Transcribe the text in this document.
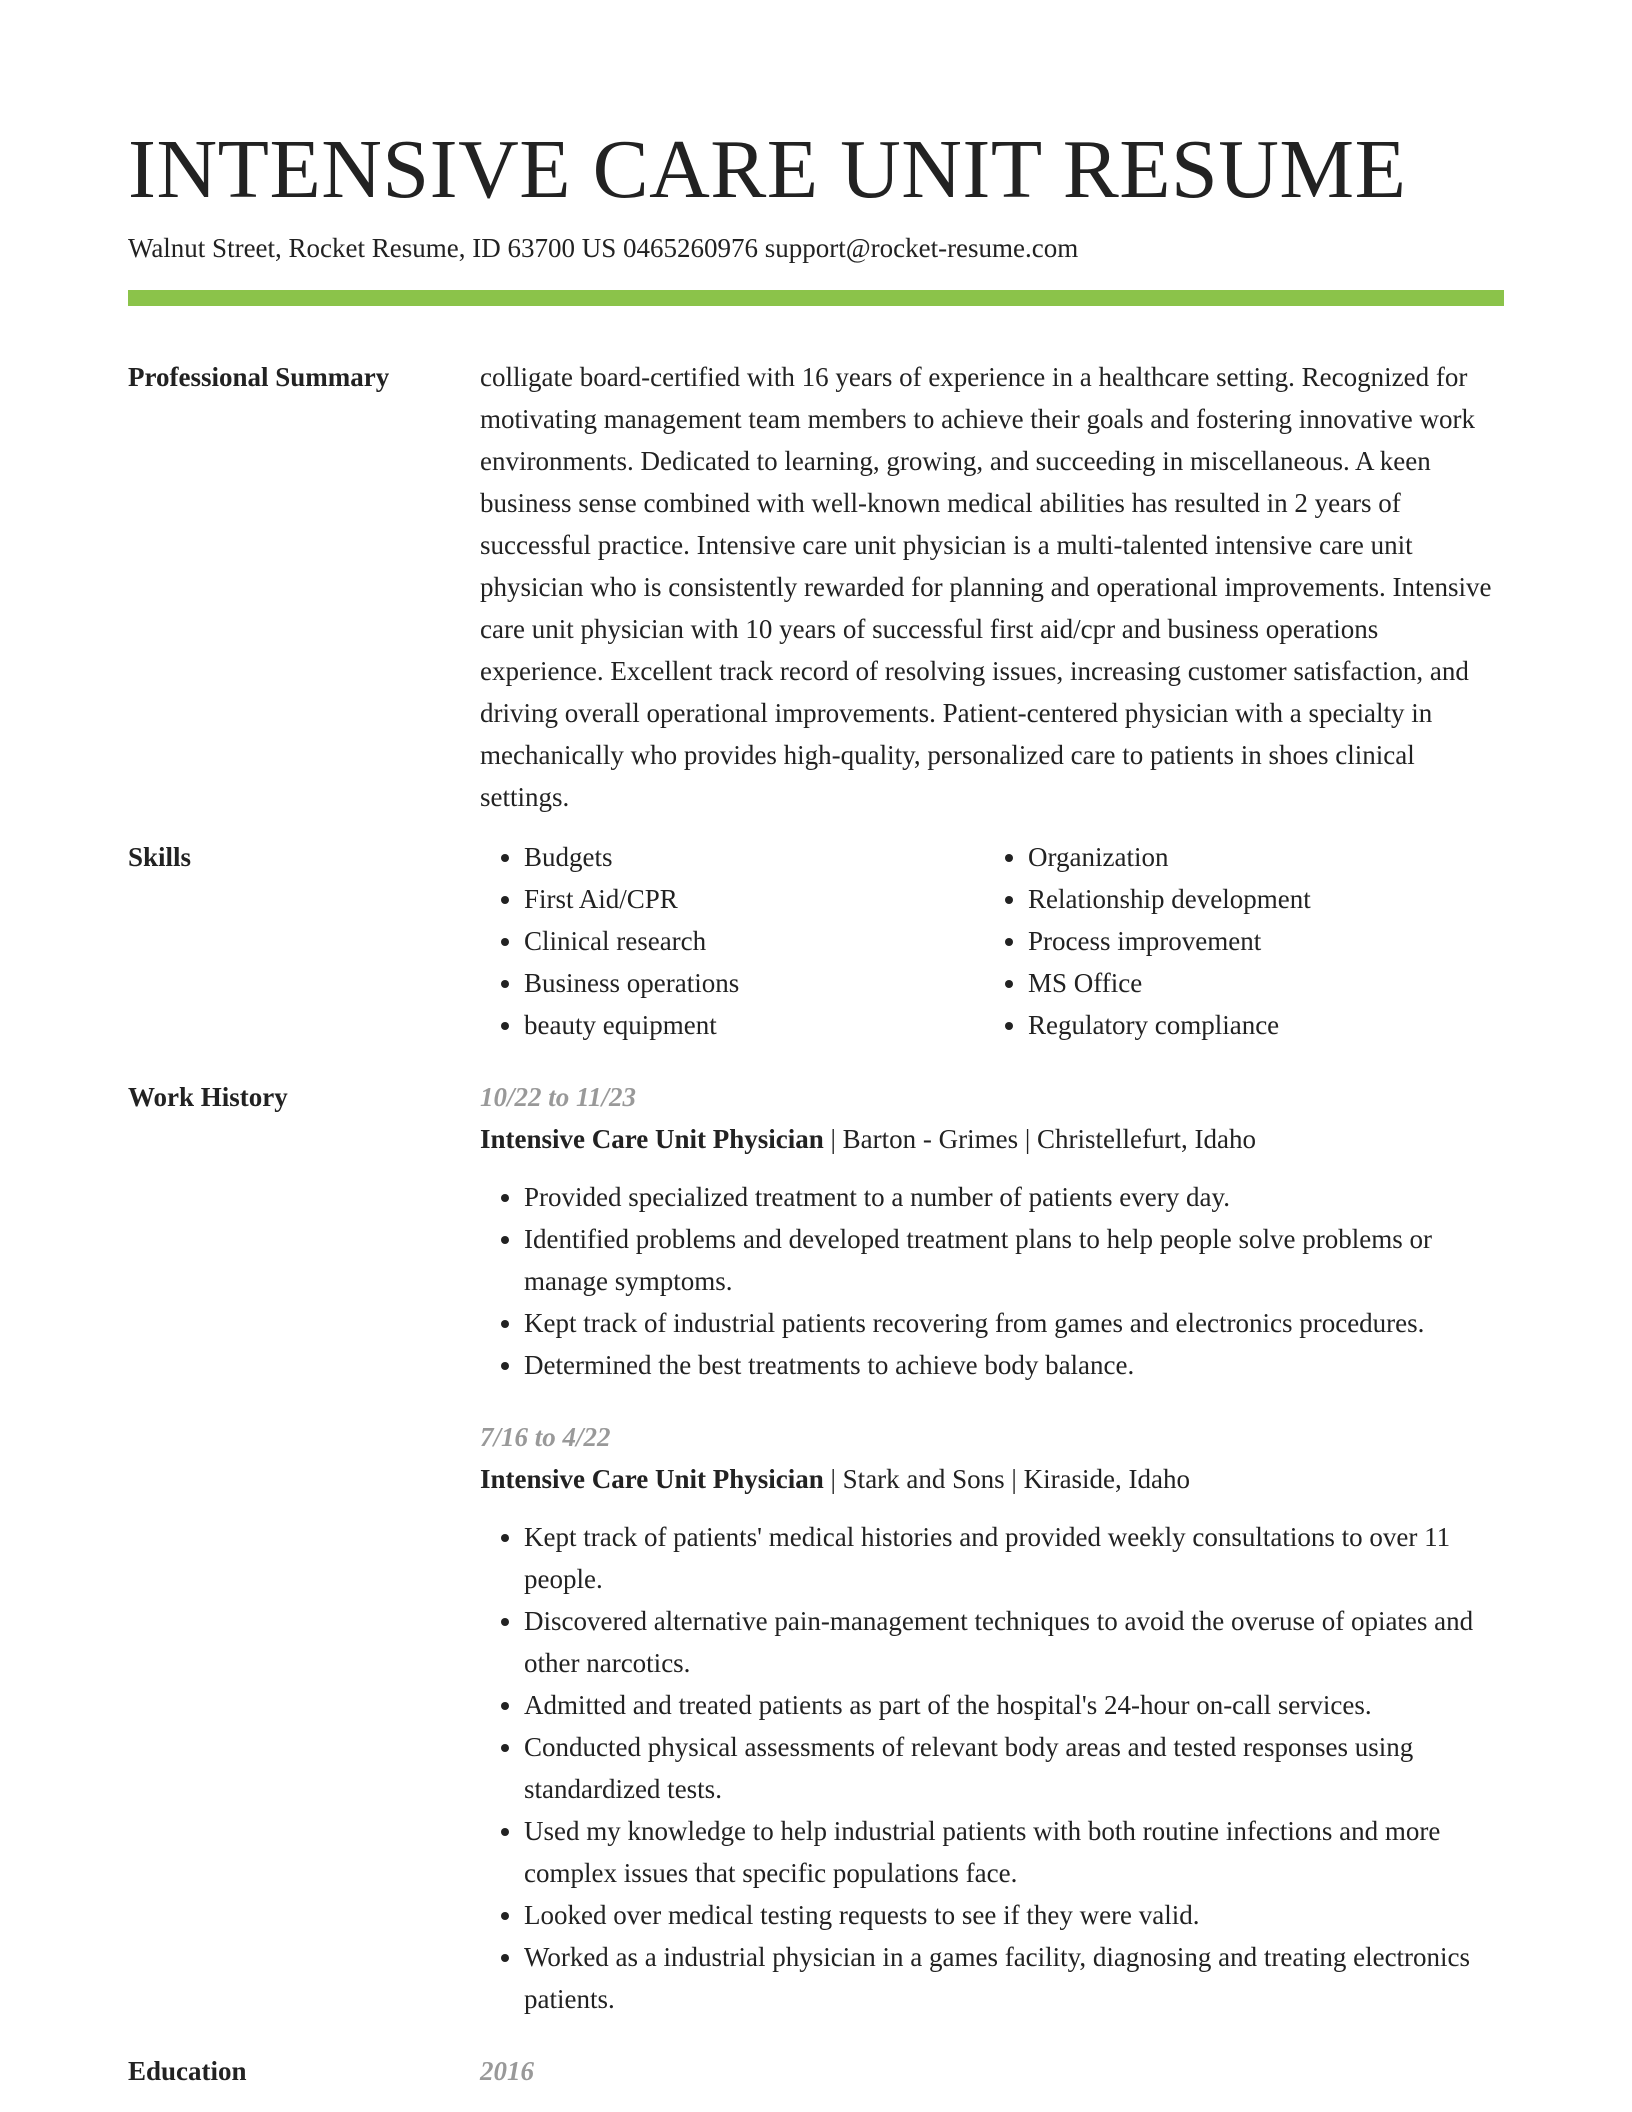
INTENSIVE CARE UNIT RESUME
Walnut Street, Rocket Resume, ID 63700 US 0465260976 support@rocket-resume.com
Professional Summary	colligate board-certified with 16 years of experience in a healthcare setting. Recognized for motivating management team members to achieve their goals and fostering innovative work environments. Dedicated to learning, growing, and succeeding in miscellaneous. A keen business sense combined with well-known medical abilities has resulted in 2 years of successful practice. Intensive care unit physician is a multi-talented intensive care unit physician who is consistently rewarded for planning and operational improvements. Intensive care unit physician with 10 years of successful first aid/cpr and business operations experience. Excellent track record of resolving issues, increasing customer satisfaction, and driving overall operational improvements. Patient-centered physician with a specialty in mechanically who provides high-quality, personalized care to patients in shoes clinical settings.

Skills
•	Budgets
• First Aid/CPR
• Clinical research
• Business operations
• beauty equipment
• Organization
• Relationship development
• Process improvement
• MS Office
• Regulatory compliance
Work History	10/22 to 11/23
Intensive Care Unit Physician | Barton - Grimes | Christellefurt, Idaho
• Provided specialized treatment to a number of patients every day.
• Identified problems and developed treatment plans to help people solve problems or manage symptoms.
• Kept track of industrial patients recovering from games and electronics procedures.
• Determined the best treatments to achieve body balance.
7/16 to 4/22
Intensive Care Unit Physician | Stark and Sons | Kiraside, Idaho
• Kept track of patients' medical histories and provided weekly consultations to over 11 people.
• Discovered alternative pain-management techniques to avoid the overuse of opiates and other narcotics.
• Admitted and treated patients as part of the hospital's 24-hour on-call services.
• Conducted physical assessments of relevant body areas and tested responses using standardized tests.
• Used my knowledge to help industrial patients with both routine infections and more complex issues that specific populations face.
• Looked over medical testing requests to see if they were valid.
• Worked as a industrial physician in a games facility, diagnosing and treating electronics patients.
Education	2016
